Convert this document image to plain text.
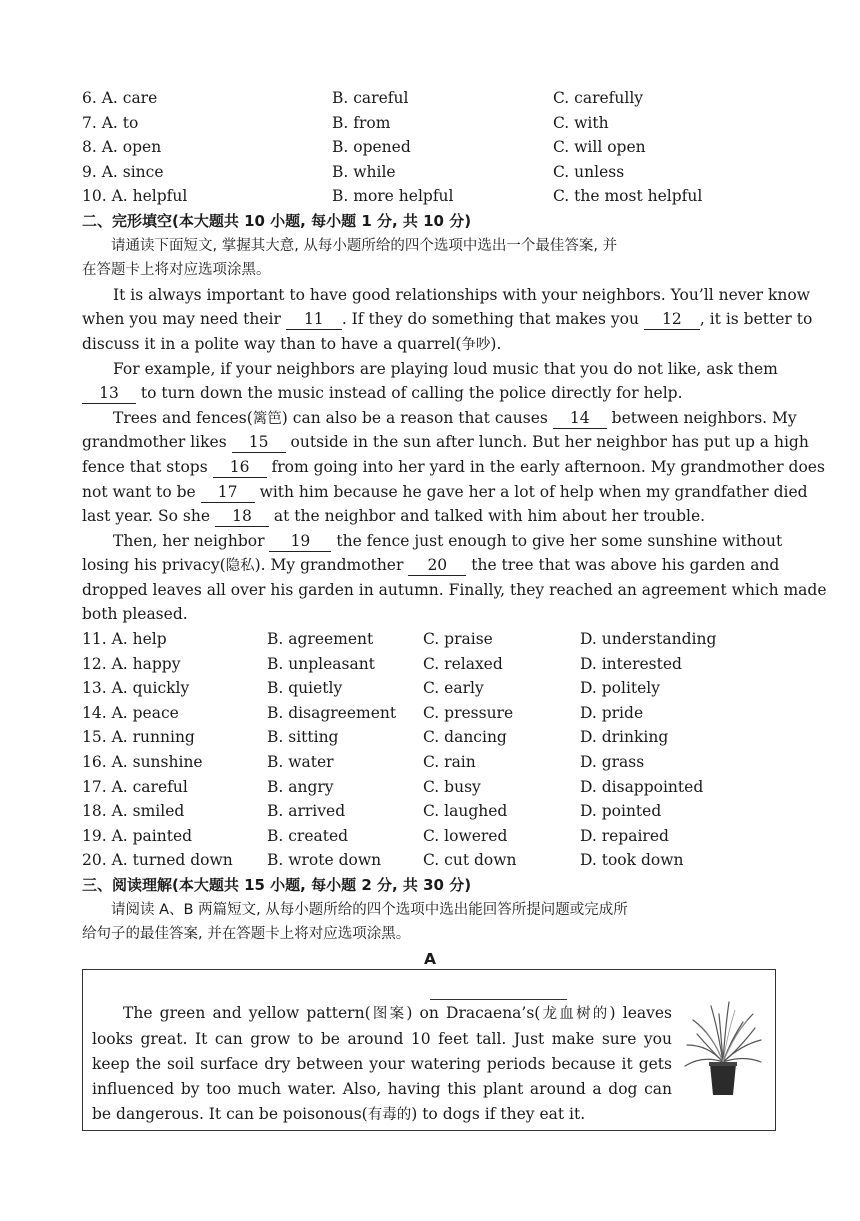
6. A. care	B. careful	C. carefully
7. A. to	B. from	C. with
8. A. open	B. opened	C. will open
9. A. since	B. while	C. unless
10. A. helpful	B. more helpful	C. the most helpful
二、完形填空(本大题共 10 小题, 每小题 1 分, 共 10 分)
请通读下面短文, 掌握其大意, 从每小题所给的四个选项中选出一个最佳答案, 并
在答题卡上将对应选项涂黑。
It is always important to have good relationships with your neighbors. You’ll never know
when you may need their 11 . If they do something that makes you 12 , it is better to
discuss it in a polite way than to have a quarrel(争吵).
For example, if your neighbors are playing loud music that you do not like, ask them
13 to turn down the music instead of calling the police directly for help.
Trees and fences(篱笆) can also be a reason that causes 14 between neighbors. My
grandmother likes 15 outside in the sun after lunch. But her neighbor has put up a high
fence that stops 16 from going into her yard in the early afternoon. My grandmother does
not want to be 17 with him because he gave her a lot of help when my grandfather died
last year. So she 18 at the neighbor and talked with him about her trouble.
Then, her neighbor 19 the fence just enough to give her some sunshine without
losing his privacy(隐私). My grandmother 20 the tree that was above his garden and
dropped leaves all over his garden in autumn. Finally, they reached an agreement which made
both pleased.
11. A. help	B. agreement	C. praise	D. understanding
12. A. happy	B. unpleasant	C. relaxed	D. interested
13. A. quickly	B. quietly	C. early	D. politely
14. A. peace	B. disagreement	C. pressure	D. pride
15. A. running	B. sitting	C. dancing	D. drinking
16. A. sunshine	B. water	C. rain	D. grass
17. A. careful	B. angry	C. busy	D. disappointed
18. A. smiled	B. arrived	C. laughed	D. pointed
19. A. painted	B. created	C. lowered	D. repaired
20. A. turned down	B. wrote down	C. cut down	D. took down
三、阅读理解(本大题共 15 小题, 每小题 2 分, 共 30 分)
请阅读 A、B 两篇短文, 从每小题所给的四个选项中选出能回答所提问题或完成所
给句子的最佳答案, 并在答题卡上将对应选项涂黑。
A

The green and yellow pattern(图案) on Dracaena’s(龙血树的) leaves looks great. It can grow to be around 10 feet tall. Just make sure you keep the soil surface dry between your watering periods because it gets influenced by too much water. Also, having this plant around a dog can be dangerous. It can be poisonous(有毒的) to dogs if they eat it.
